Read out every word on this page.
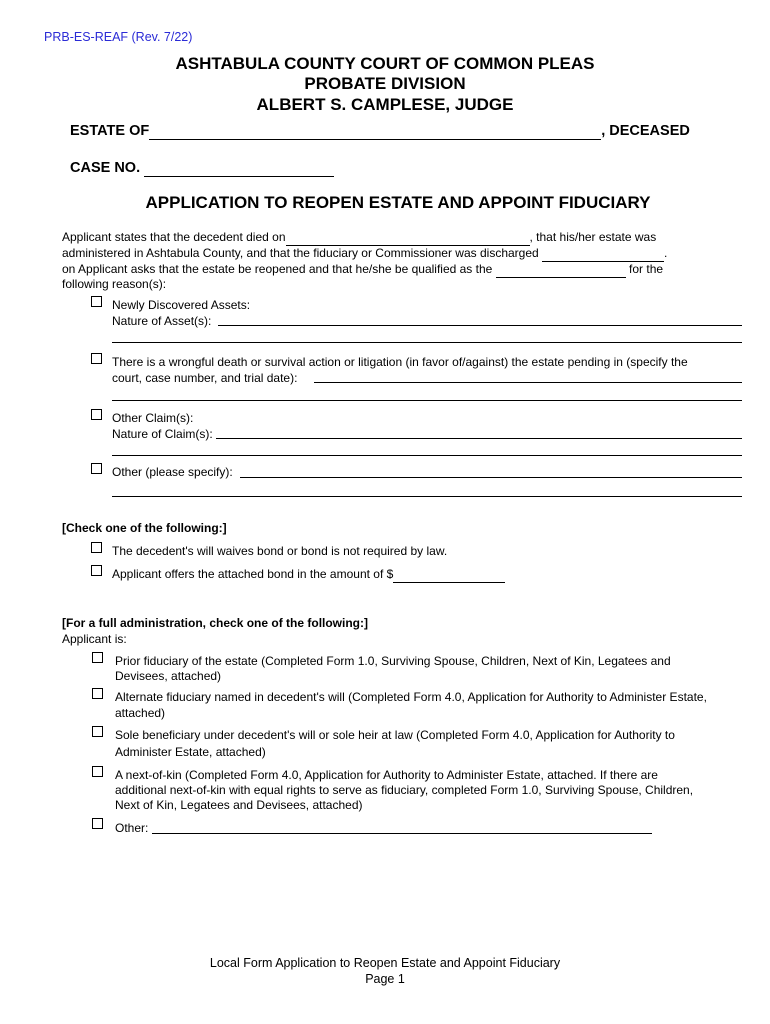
PRB-ES-REAF (Rev. 7/22)
ASHTABULA COUNTY COURT OF COMMON PLEAS
PROBATE DIVISION
ALBERT S. CAMPLESE, JUDGE
ESTATE OF	, DECEASED
CASE NO.
APPLICATION TO REOPEN ESTATE AND APPOINT FIDUCIARY
Applicant states that the decedent died on	, that his/her estate was
administered in Ashtabula County, and that the fiduciary or Commissioner was discharged	.
on Applicant asks that the estate be reopened and that he/she be qualified as the	for the
following reason(s):
Newly Discovered Assets:
Nature of Asset(s):
There is a wrongful death or survival action or litigation (in favor of/against) the estate pending in (specify the
court, case number, and trial date):
Other Claim(s):
Nature of Claim(s):
Other (please specify):
[Check one of the following:]
The decedent's will waives bond or bond is not required by law.
Applicant offers the attached bond in the amount of $
[For a full administration, check one of the following:]
Applicant is:
Prior fiduciary of the estate (Completed Form 1.0, Surviving Spouse, Children, Next of Kin, Legatees and
Devisees, attached)
Alternate fiduciary named in decedent's will (Completed Form 4.0, Application for Authority to Administer Estate,
attached)
Sole beneficiary under decedent's will or sole heir at law (Completed Form 4.0, Application for Authority to
Administer Estate, attached)
A next-of-kin (Completed Form 4.0, Application for Authority to Administer Estate, attached. If there are
additional next-of-kin with equal rights to serve as fiduciary, completed Form 1.0, Surviving Spouse, Children,
Next of Kin, Legatees and Devisees, attached)
Other:
Local Form Application to Reopen Estate and Appoint Fiduciary
Page 1
